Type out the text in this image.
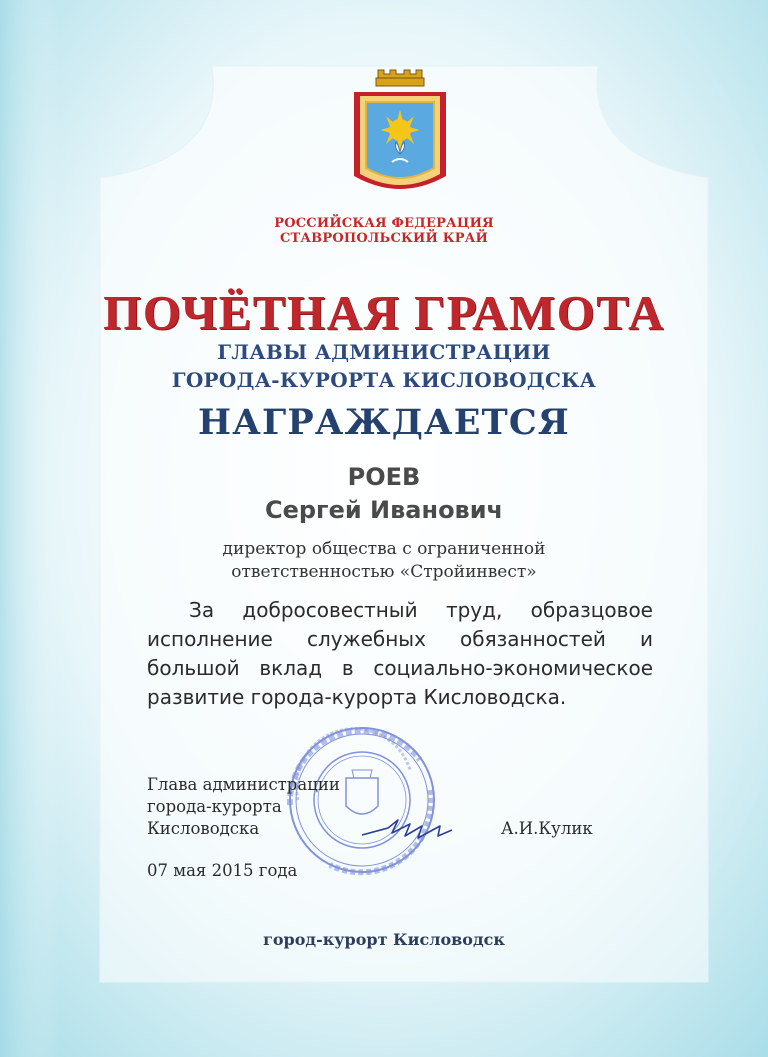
РОССИЙСКАЯ ФЕДЕРАЦИЯ
СТАВРОПОЛЬСКИЙ КРАЙ
ПОЧЁТНАЯ ГРАМОТА
ГЛАВЫ АДМИНИСТРАЦИИ
ГОРОДА-КУРОРТА КИСЛОВОДСКА
НАГРАЖДАЕТСЯ
РОЕВ
Сергей Иванович
директор общества с ограниченной
ответственностью «Стройинвест»
За добросовестный труд, образцовое исполнение служебных обязанностей и большой вклад в социально-экономическое развитие города-курорта Кисловодска.
Глава администрации
города-курорта
Кисловодска	А.И.Кулик
07 мая 2015 года
город-курорт Кисловодск
